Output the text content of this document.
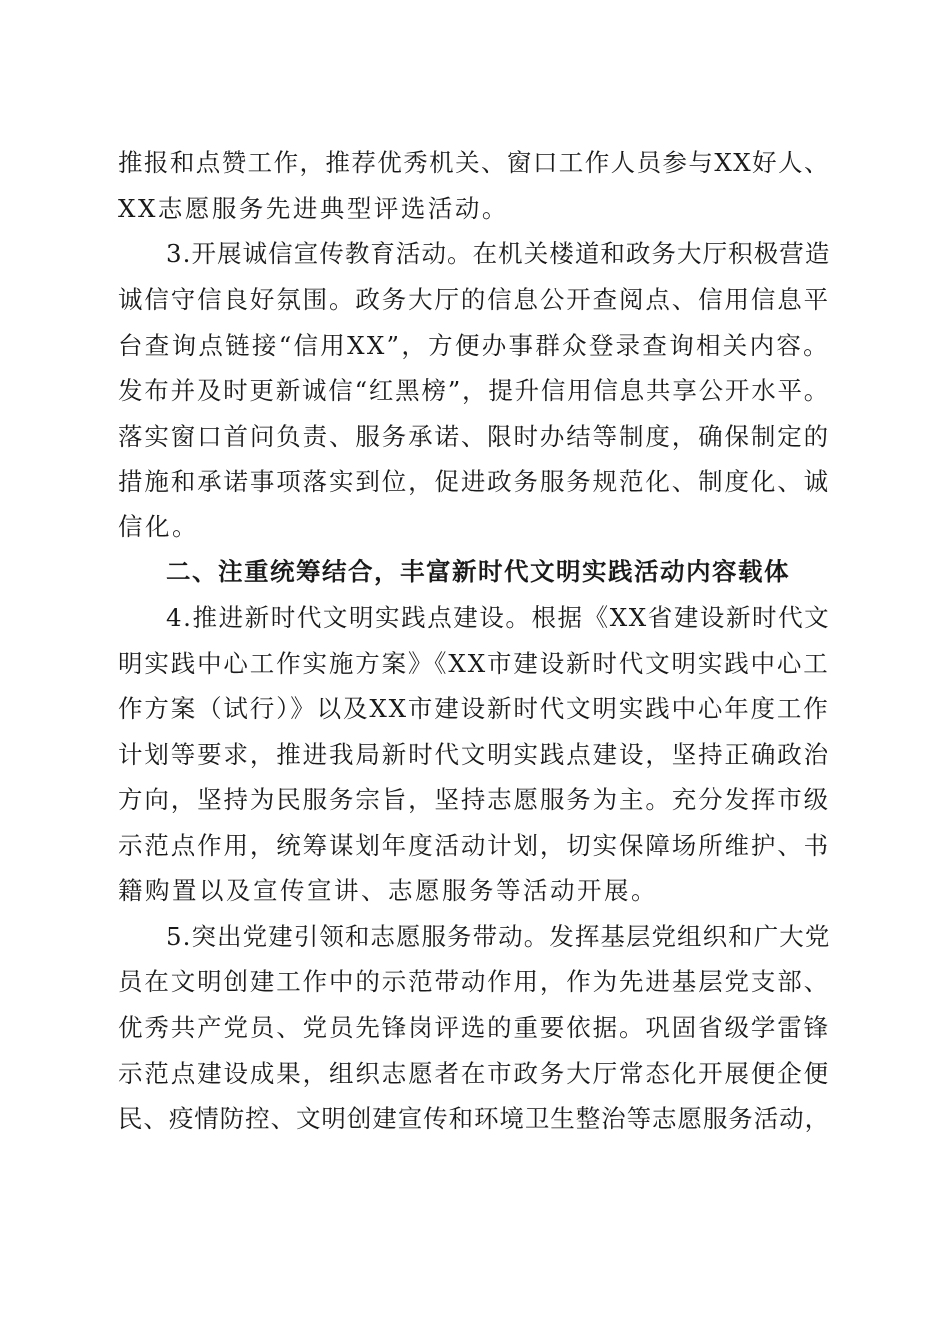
推报和点赞工作，推荐优秀机关、窗口工作人员参与XX好人、
XX志愿服务先进典型评选活动。
3.开展诚信宣传教育活动。在机关楼道和政务大厅积极营造
诚信守信良好氛围。政务大厅的信息公开查阅点、信用信息平
台查询点链接“信用XX”，方便办事群众登录查询相关内容。
发布并及时更新诚信“红黑榜”，提升信用信息共享公开水平。
落实窗口首问负责、服务承诺、限时办结等制度，确保制定的
措施和承诺事项落实到位，促进政务服务规范化、制度化、诚
信化。
二、注重统筹结合，丰富新时代文明实践活动内容载体
4.推进新时代文明实践点建设。根据《XX省建设新时代文
明实践中心工作实施方案》《XX市建设新时代文明实践中心工
作方案（试行）》以及XX市建设新时代文明实践中心年度工作
计划等要求，推进我局新时代文明实践点建设，坚持正确政治
方向，坚持为民服务宗旨，坚持志愿服务为主。充分发挥市级
示范点作用，统筹谋划年度活动计划，切实保障场所维护、书
籍购置以及宣传宣讲、志愿服务等活动开展。
5.突出党建引领和志愿服务带动。发挥基层党组织和广大党
员在文明创建工作中的示范带动作用，作为先进基层党支部、
优秀共产党员、党员先锋岗评选的重要依据。巩固省级学雷锋
示范点建设成果，组织志愿者在市政务大厅常态化开展便企便
民、疫情防控、文明创建宣传和环境卫生整治等志愿服务活动，
